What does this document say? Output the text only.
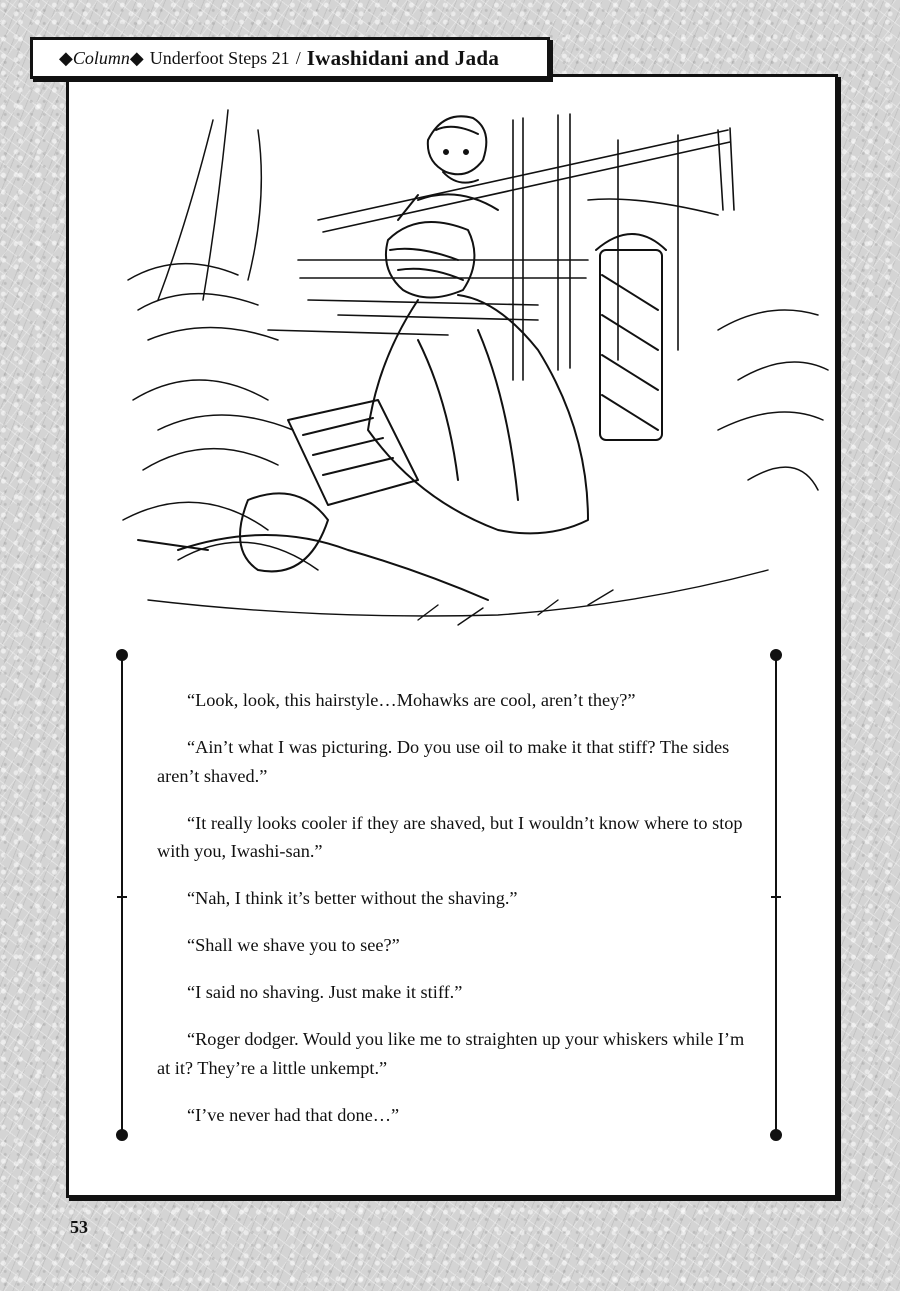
◆ Column ◆ Underfoot Steps 21 / Iwashidani and Jada

“Look, look, this hairstyle…Mohawks are cool, aren’t they?”

“Ain’t what I was picturing. Do you use oil to make it that stiff? The sides aren’t shaved.”

“It really looks cooler if they are shaved, but I wouldn’t know where to stop with you, Iwashi-san.”

“Nah, I think it’s better without the shaving.”

“Shall we shave you to see?”

“I said no shaving. Just make it stiff.”

“Roger dodger. Would you like me to straighten up your whiskers while I’m at it? They’re a little unkempt.”

“I’ve never had that done…”

53
